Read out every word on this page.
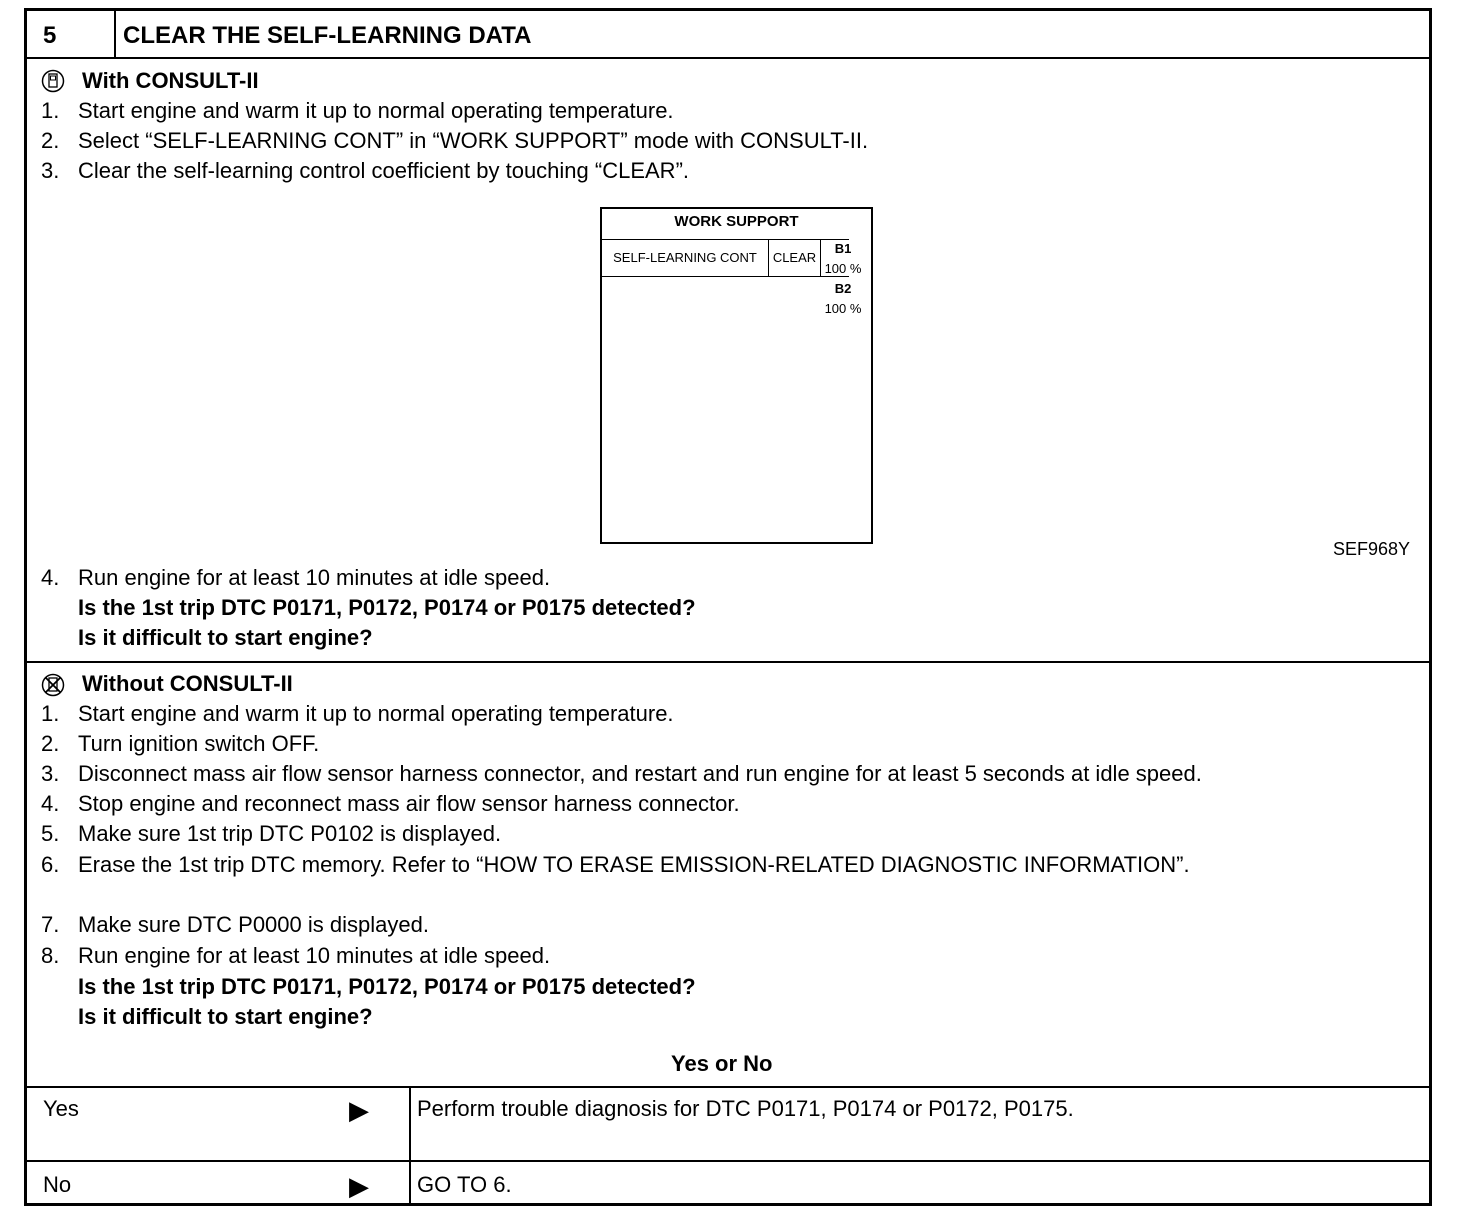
5	CLEAR THE SELF-LEARNING DATA
With CONSULT-II
1. Start engine and warm it up to normal operating temperature.
2. Select “SELF-LEARNING CONT” in “WORK SUPPORT” mode with CONSULT-II.
3. Clear the self-learning control coefficient by touching “CLEAR”.
WORK SUPPORT
SELF-LEARNING CONT	CLEAR
B1
100 %
B2
100 %
SEF968Y
4. Run engine for at least 10 minutes at idle speed.
Is the 1st trip DTC P0171, P0172, P0174 or P0175 detected?
Is it difficult to start engine?
Without CONSULT-II
1. Start engine and warm it up to normal operating temperature.
2. Turn ignition switch OFF.
3. Disconnect mass air flow sensor harness connector, and restart and run engine for at least 5 seconds at idle speed.
4. Stop engine and reconnect mass air flow sensor harness connector.
5. Make sure 1st trip DTC P0102 is displayed.
6. Erase the 1st trip DTC memory. Refer to “HOW TO ERASE EMISSION-RELATED DIAGNOSTIC INFORMATION”.
7. Make sure DTC P0000 is displayed.
8. Run engine for at least 10 minutes at idle speed.
Is the 1st trip DTC P0171, P0172, P0174 or P0175 detected?
Is it difficult to start engine?
Yes or No
Yes	▶ Perform trouble diagnosis for DTC P0171, P0174 or P0172, P0175.
No	▶ GO TO 6.
